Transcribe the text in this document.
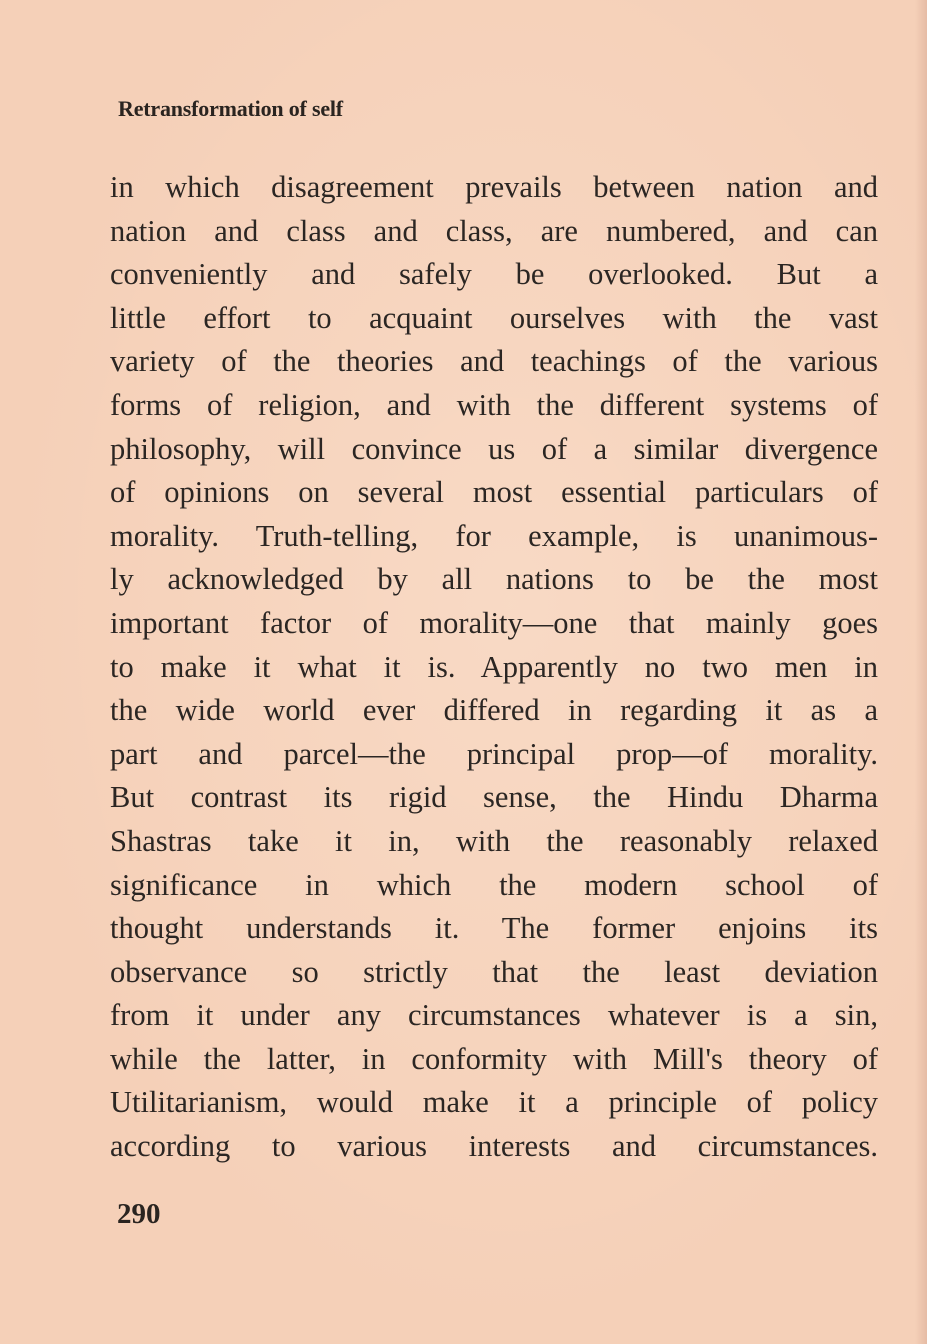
Retransformation of self
in which disagreement prevails between nation and
nation and class and class, are numbered, and can
conveniently and safely be overlooked. But a
little effort to acquaint ourselves with the vast
variety of the theories and teachings of the various
forms of religion, and with the different systems of
philosophy, will convince us of a similar divergence
of opinions on several most essential particulars of
morality. Truth-telling, for example, is unanimous-
ly acknowledged by all nations to be the most
important factor of morality—one that mainly goes
to make it what it is. Apparently no two men in
the wide world ever differed in regarding it as a
part and parcel—the principal prop—of morality.
But contrast its rigid sense, the Hindu Dharma
Shastras take it in, with the reasonably relaxed
significance in which the modern school of
thought understands it. The former enjoins its
observance so strictly that the least deviation
from it under any circumstances whatever is a sin,
while the latter, in conformity with Mill's theory of
Utilitarianism, would make it a principle of policy
according to various interests and circumstances.
290
